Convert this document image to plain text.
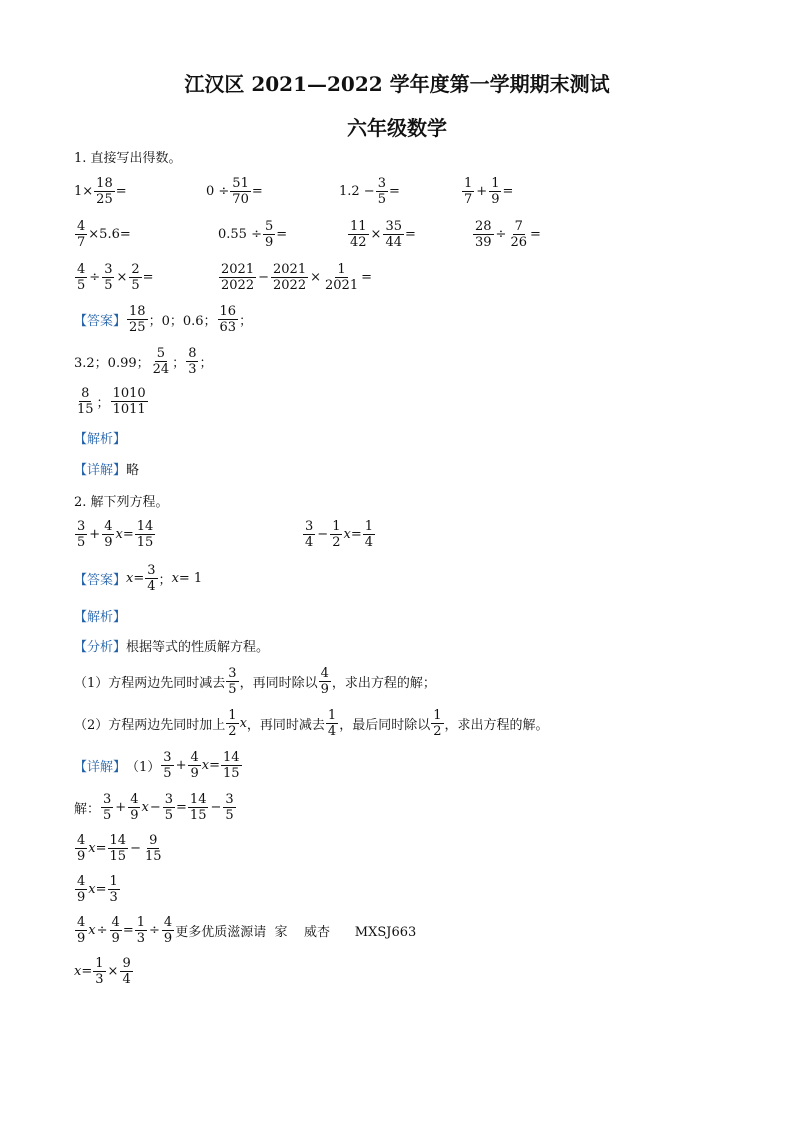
江汉区 2021—2022 学年度第一学期期末测试
六年级数学
1. 直接写出得数。
$1\times \frac{18}{25}$ =	$0 \div \frac{51}{70}$ =	$1.2 - \frac{3}{5}$ =	$\frac{1}{7} + \frac{1}{9}$ =
$\frac{4}{7} \times 5.6=$	$0.55 \div \frac{5}{9}$ =	$\frac{11}{42} \times \frac{35}{44}$ =	$\frac{28}{39} \div \frac{7}{26}$ =
$\frac{4}{5} \div \frac{3}{5} \times \frac{2}{5}$ =	$\frac{2021}{2022} - \frac{2021}{2022} \times \frac{1}{2021}$ =
【答案】 $\frac{18}{25}$ ；0；0.6； $\frac{16}{63}$ ；
3.2；0.99； $\frac{5}{24}$ ； $\frac{8}{3}$ ；
$\frac{8}{15}$ ； $\frac{1010}{1011}$
【解析】
【详解】略
2. 解下列方程。
$\frac{3}{5} + \frac{4}{9}$ $x = \frac{14}{15}$	$\frac{3}{4} - \frac{1}{2}$ $x = \frac{1}{4}$
【答案】 $x = \frac{3}{4}$ ； x = 1
【解析】
【分析】根据等式的性质解方程。
（1）方程两边先同时减去 $\frac{3}{5}$ ，再同时除以 $\frac{4}{9}$ ，求出方程的解；
（2）方程两边先同时加上 $\frac{1}{2}$ x ，再同时减去 $\frac{1}{4}$ ，最后同时除以 $\frac{1}{2}$ ，求出方程的解。
【详解】 $(1) \frac{3}{5} + \frac{4}{9}$ $x = \frac{14}{15}$
解： $\frac{3}{5} + \frac{4}{9}$ $x - \frac{3}{5} = \frac{14}{15} - \frac{3}{5}$
$\frac{4}{9}$ $x = \frac{14}{15} - \frac{9}{15}$
$\frac{4}{9}$ $x = \frac{1}{3}$
$\frac{4}{9}$ $x \div \frac{4}{9} = \frac{1}{3} \div \frac{4}{9}$ 更多优质滋源请  家    威杏      MXSJ663
$x = \frac{1}{3} \times \frac{9}{4}$
